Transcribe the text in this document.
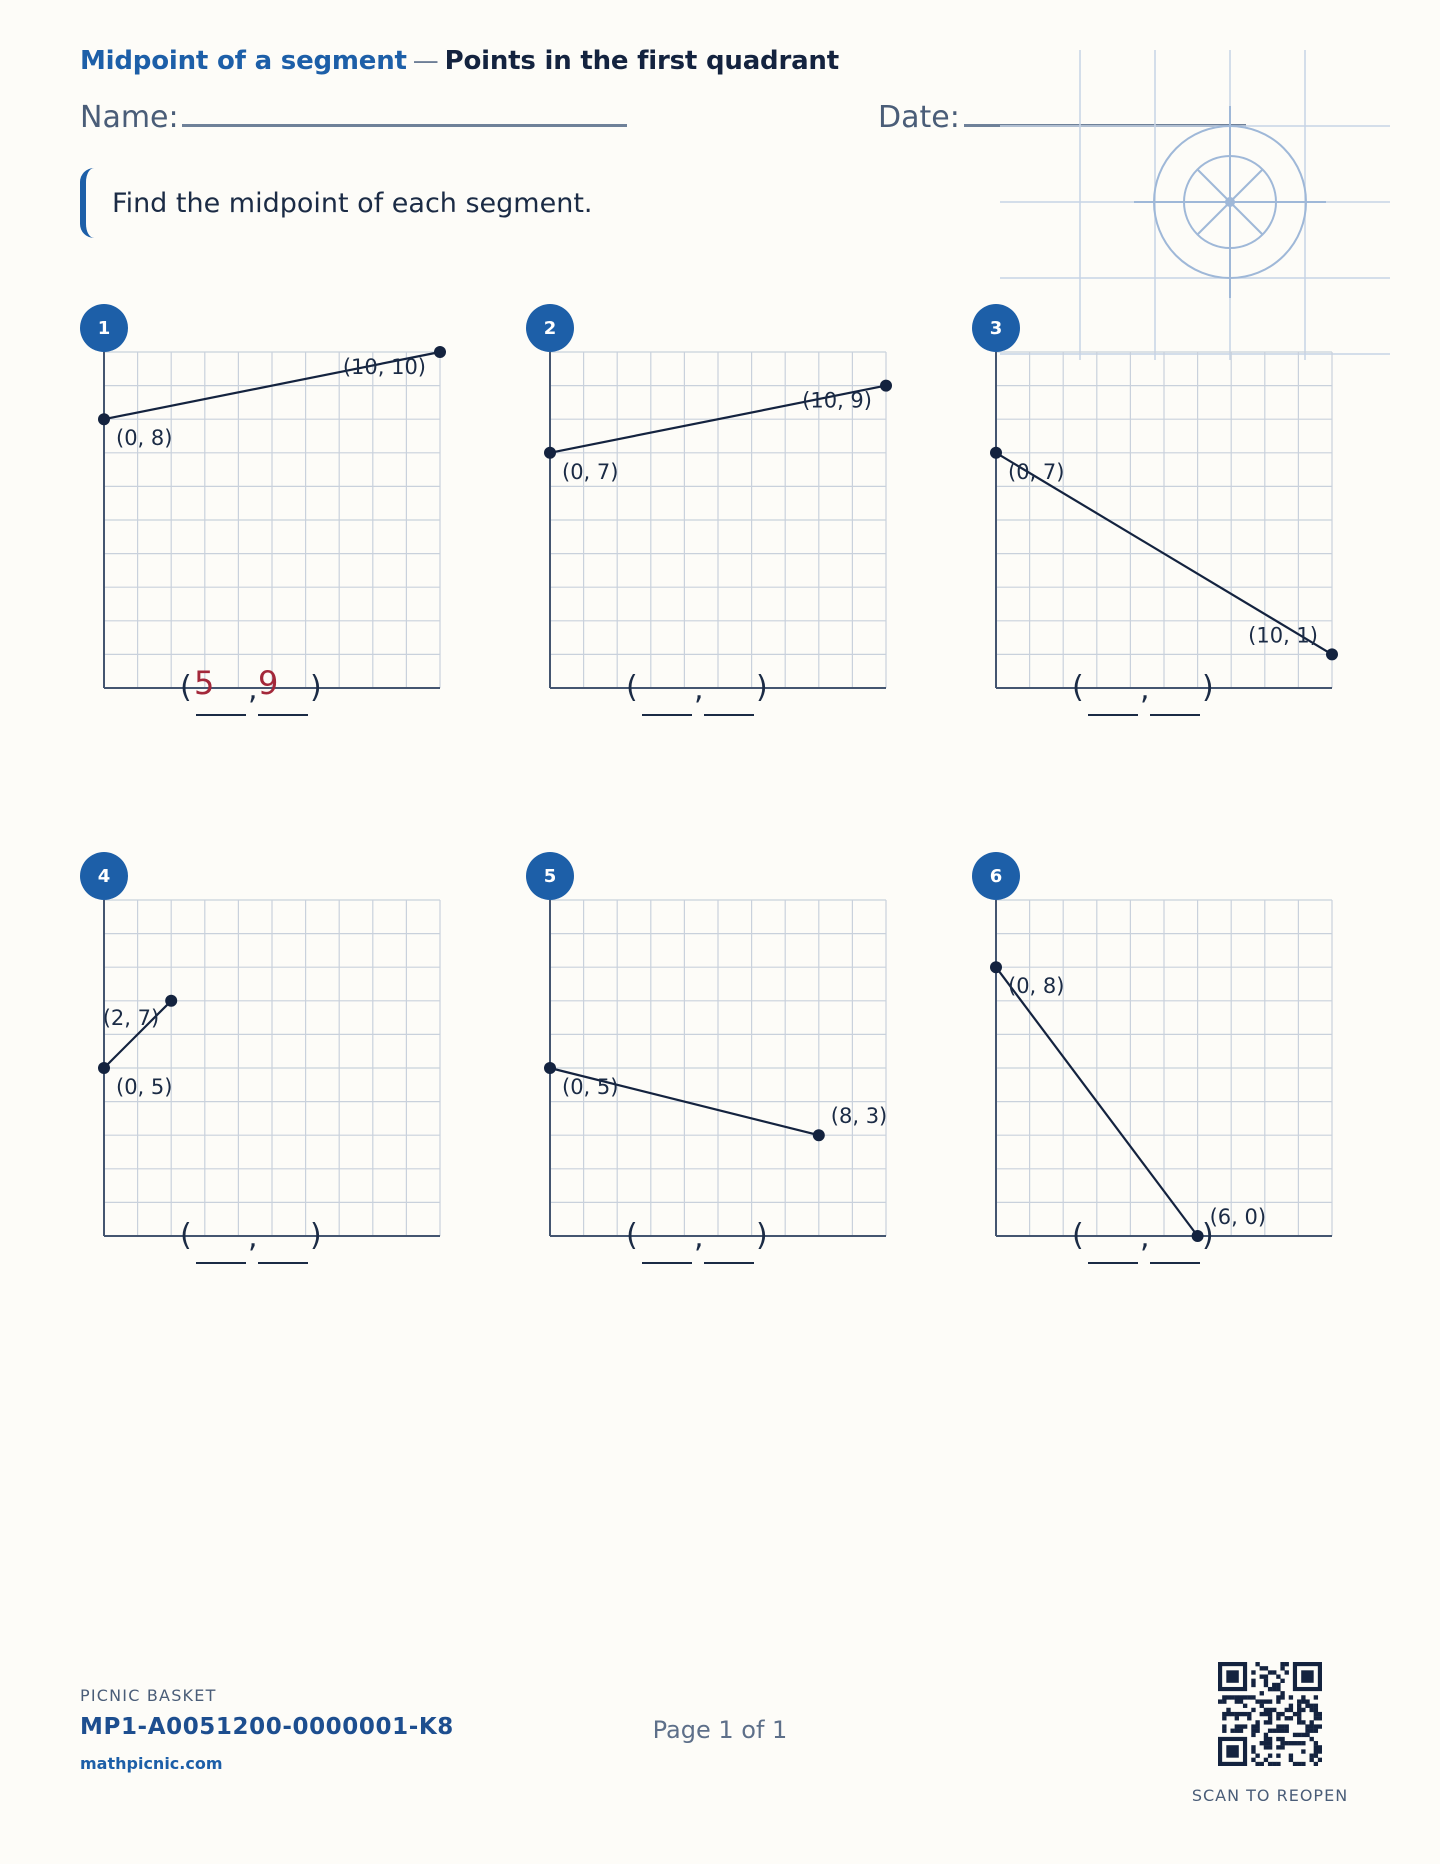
Midpoint of a segment — Points in the first quadrant
Name:	Date:
Find the midpoint of each segment.
(0, 8)
(10, 10)
1
( 5	, 9	)
(0, 7)
(10, 9)
2
( , )
(0, 7)
(10, 1)
3
( , )
(0, 5)
(2, 7)
4
( , )
(0, 5)
(8, 3)
5
( , )
(0, 8)
(6, 0)
6
( , )
PICNIC BASKET
MP1-A0051200-0000001-K8
mathpicnic.com
Page 1 of 1
SCAN TO REOPEN
